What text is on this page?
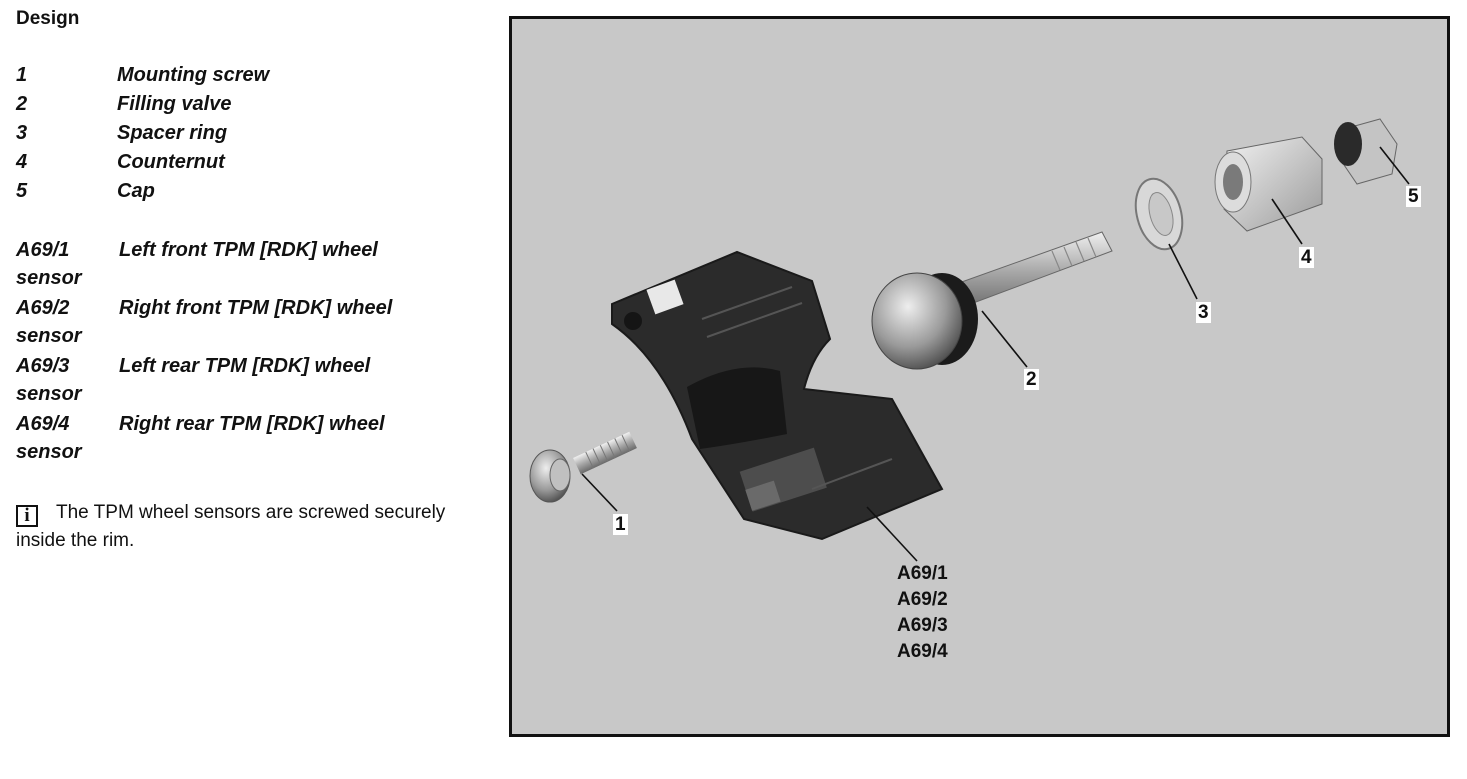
Design
1	Mounting screw
2	Filling valve
3	Spacer ring
4	Counternut
5	Cap
A69/1 Left front TPM [RDK] wheel
sensor
A69/2 Right front TPM [RDK] wheel
sensor
A69/3 Left rear TPM [RDK] wheel
sensor
A69/4 Right rear TPM [RDK] wheel
sensor
i The TPM wheel sensors are screwed securely inside the rim.
1
2
3
4
5
A69/1
A69/2
A69/3
A69/4
